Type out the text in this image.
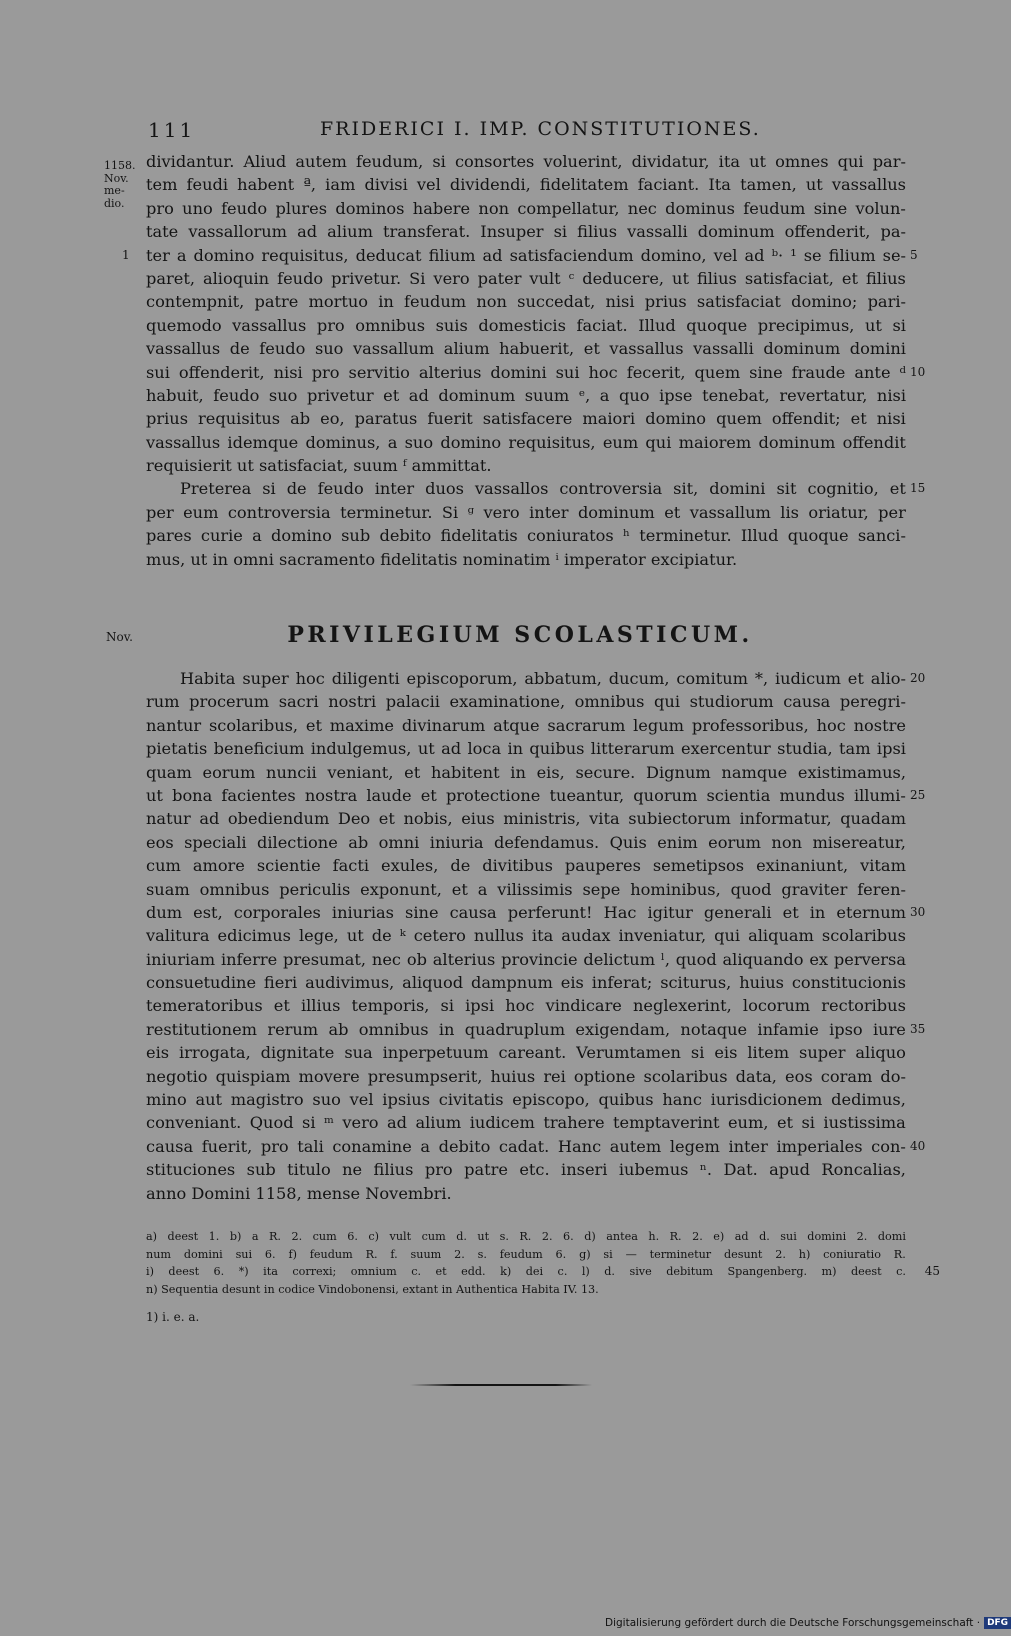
111	FRIDERICI I. IMP. CONSTITUTIONES.
1158. Nov. me- dio.
dividantur. Aliud autem feudum, si consortes voluerint, dividatur, ita ut omnes qui par-
tem feudi habent ª, iam divisi vel dividendi, fidelitatem faciant. Ita tamen, ut vassallus
pro uno feudo plures dominos habere non compellatur, nec dominus feudum sine volun-
tate vassallorum ad alium transferat. Insuper si filius vassalli dominum offenderit, pa-
ter a domino requisitus, deducat filium ad satisfaciendum domino, vel ad ᵇ· ¹ se filium se- 5
1
paret, alioquin feudo privetur. Si vero pater vult ᶜ deducere, ut filius satisfaciat, et filius
contempnit, patre mortuo in feudum non succedat, nisi prius satisfaciat domino; pari-
quemodo vassallus pro omnibus suis domesticis faciat. Illud quoque precipimus, ut si
vassallus de feudo suo vassallum alium habuerit, et vassallus vassalli dominum domini
sui offenderit, nisi pro servitio alterius domini sui hoc fecerit, quem sine fraude ante ᵈ 10
habuit, feudo suo privetur et ad dominum suum ᵉ, a quo ipse tenebat, revertatur, nisi
prius requisitus ab eo, paratus fuerit satisfacere maiori domino quem offendit; et nisi
vassallus idemque dominus, a suo domino requisitus, eum qui maiorem dominum offendit
requisierit ut satisfaciat, suum ᶠ ammittat.
Preterea si de feudo inter duos vassallos controversia sit, domini sit cognitio, et 15
per eum controversia terminetur. Si ᵍ vero inter dominum et vassallum lis oriatur, per
pares curie a domino sub debito fidelitatis coniuratos ʰ terminetur. Illud quoque sanci-
mus, ut in omni sacramento fidelitatis nominatim ⁱ imperator excipiatur.
Nov.	PRIVILEGIUM SCOLASTICUM.
Habita super hoc diligenti episcoporum, abbatum, ducum, comitum *, iudicum et alio- 20
rum procerum sacri nostri palacii examinatione, omnibus qui studiorum causa peregri-
nantur scolaribus, et maxime divinarum atque sacrarum legum professoribus, hoc nostre
pietatis beneficium indulgemus, ut ad loca in quibus litterarum exercentur studia, tam ipsi
quam eorum nuncii veniant, et habitent in eis, secure. Dignum namque existimamus,
ut bona facientes nostra laude et protectione tueantur, quorum scientia mundus illumi- 25
natur ad obediendum Deo et nobis, eius ministris, vita subiectorum informatur, quadam
eos speciali dilectione ab omni iniuria defendamus. Quis enim eorum non misereatur,
cum amore scientie facti exules, de divitibus pauperes semetipsos exinaniunt, vitam
suam omnibus periculis exponunt, et a vilissimis sepe hominibus, quod graviter feren-
dum est, corporales iniurias sine causa perferunt! Hac igitur generali et in eternum 30
valitura edicimus lege, ut de ᵏ cetero nullus ita audax inveniatur, qui aliquam scolaribus
iniuriam inferre presumat, nec ob alterius provincie delictum ˡ, quod aliquando ex perversa
consuetudine fieri audivimus, aliquod dampnum eis inferat; sciturus, huius constitucionis
temeratoribus et illius temporis, si ipsi hoc vindicare neglexerint, locorum rectoribus
restitutionem rerum ab omnibus in quadruplum exigendam, notaque infamie ipso iure 35
eis irrogata, dignitate sua inperpetuum careant. Verumtamen si eis litem super aliquo
negotio quispiam movere presumpserit, huius rei optione scolaribus data, eos coram do-
mino aut magistro suo vel ipsius civitatis episcopo, quibus hanc iurisdicionem dedimus,
conveniant. Quod si ᵐ vero ad alium iudicem trahere temptaverint eum, et si iustissima
causa fuerit, pro tali conamine a debito cadat. Hanc autem legem inter imperiales con- 40
stituciones sub titulo ne filius pro patre etc. inseri iubemus ⁿ. Dat. apud Roncalias,
anno Domini 1158, mense Novembri.
a) deest 1. b) a R. 2. cum 6. c) vult cum d. ut s. R. 2. 6. d) antea h. R. 2. e) ad d. sui domini 2. domi
num domini sui 6. f) feudum R. f. suum 2. s. feudum 6. g) si — terminetur desunt 2. h) coniuratio R.
i) deest 6. *) ita correxi; omnium c. et edd. k) dei c. l) d. sive debitum Spangenberg. m) deest c. 45
n) Sequentia desunt in codice Vindobonensi, extant in Authentica Habita IV. 13.
1) i. e. a.
Digitalisierung gefördert durch die Deutsche Forschungsgemeinschaft · DFG
